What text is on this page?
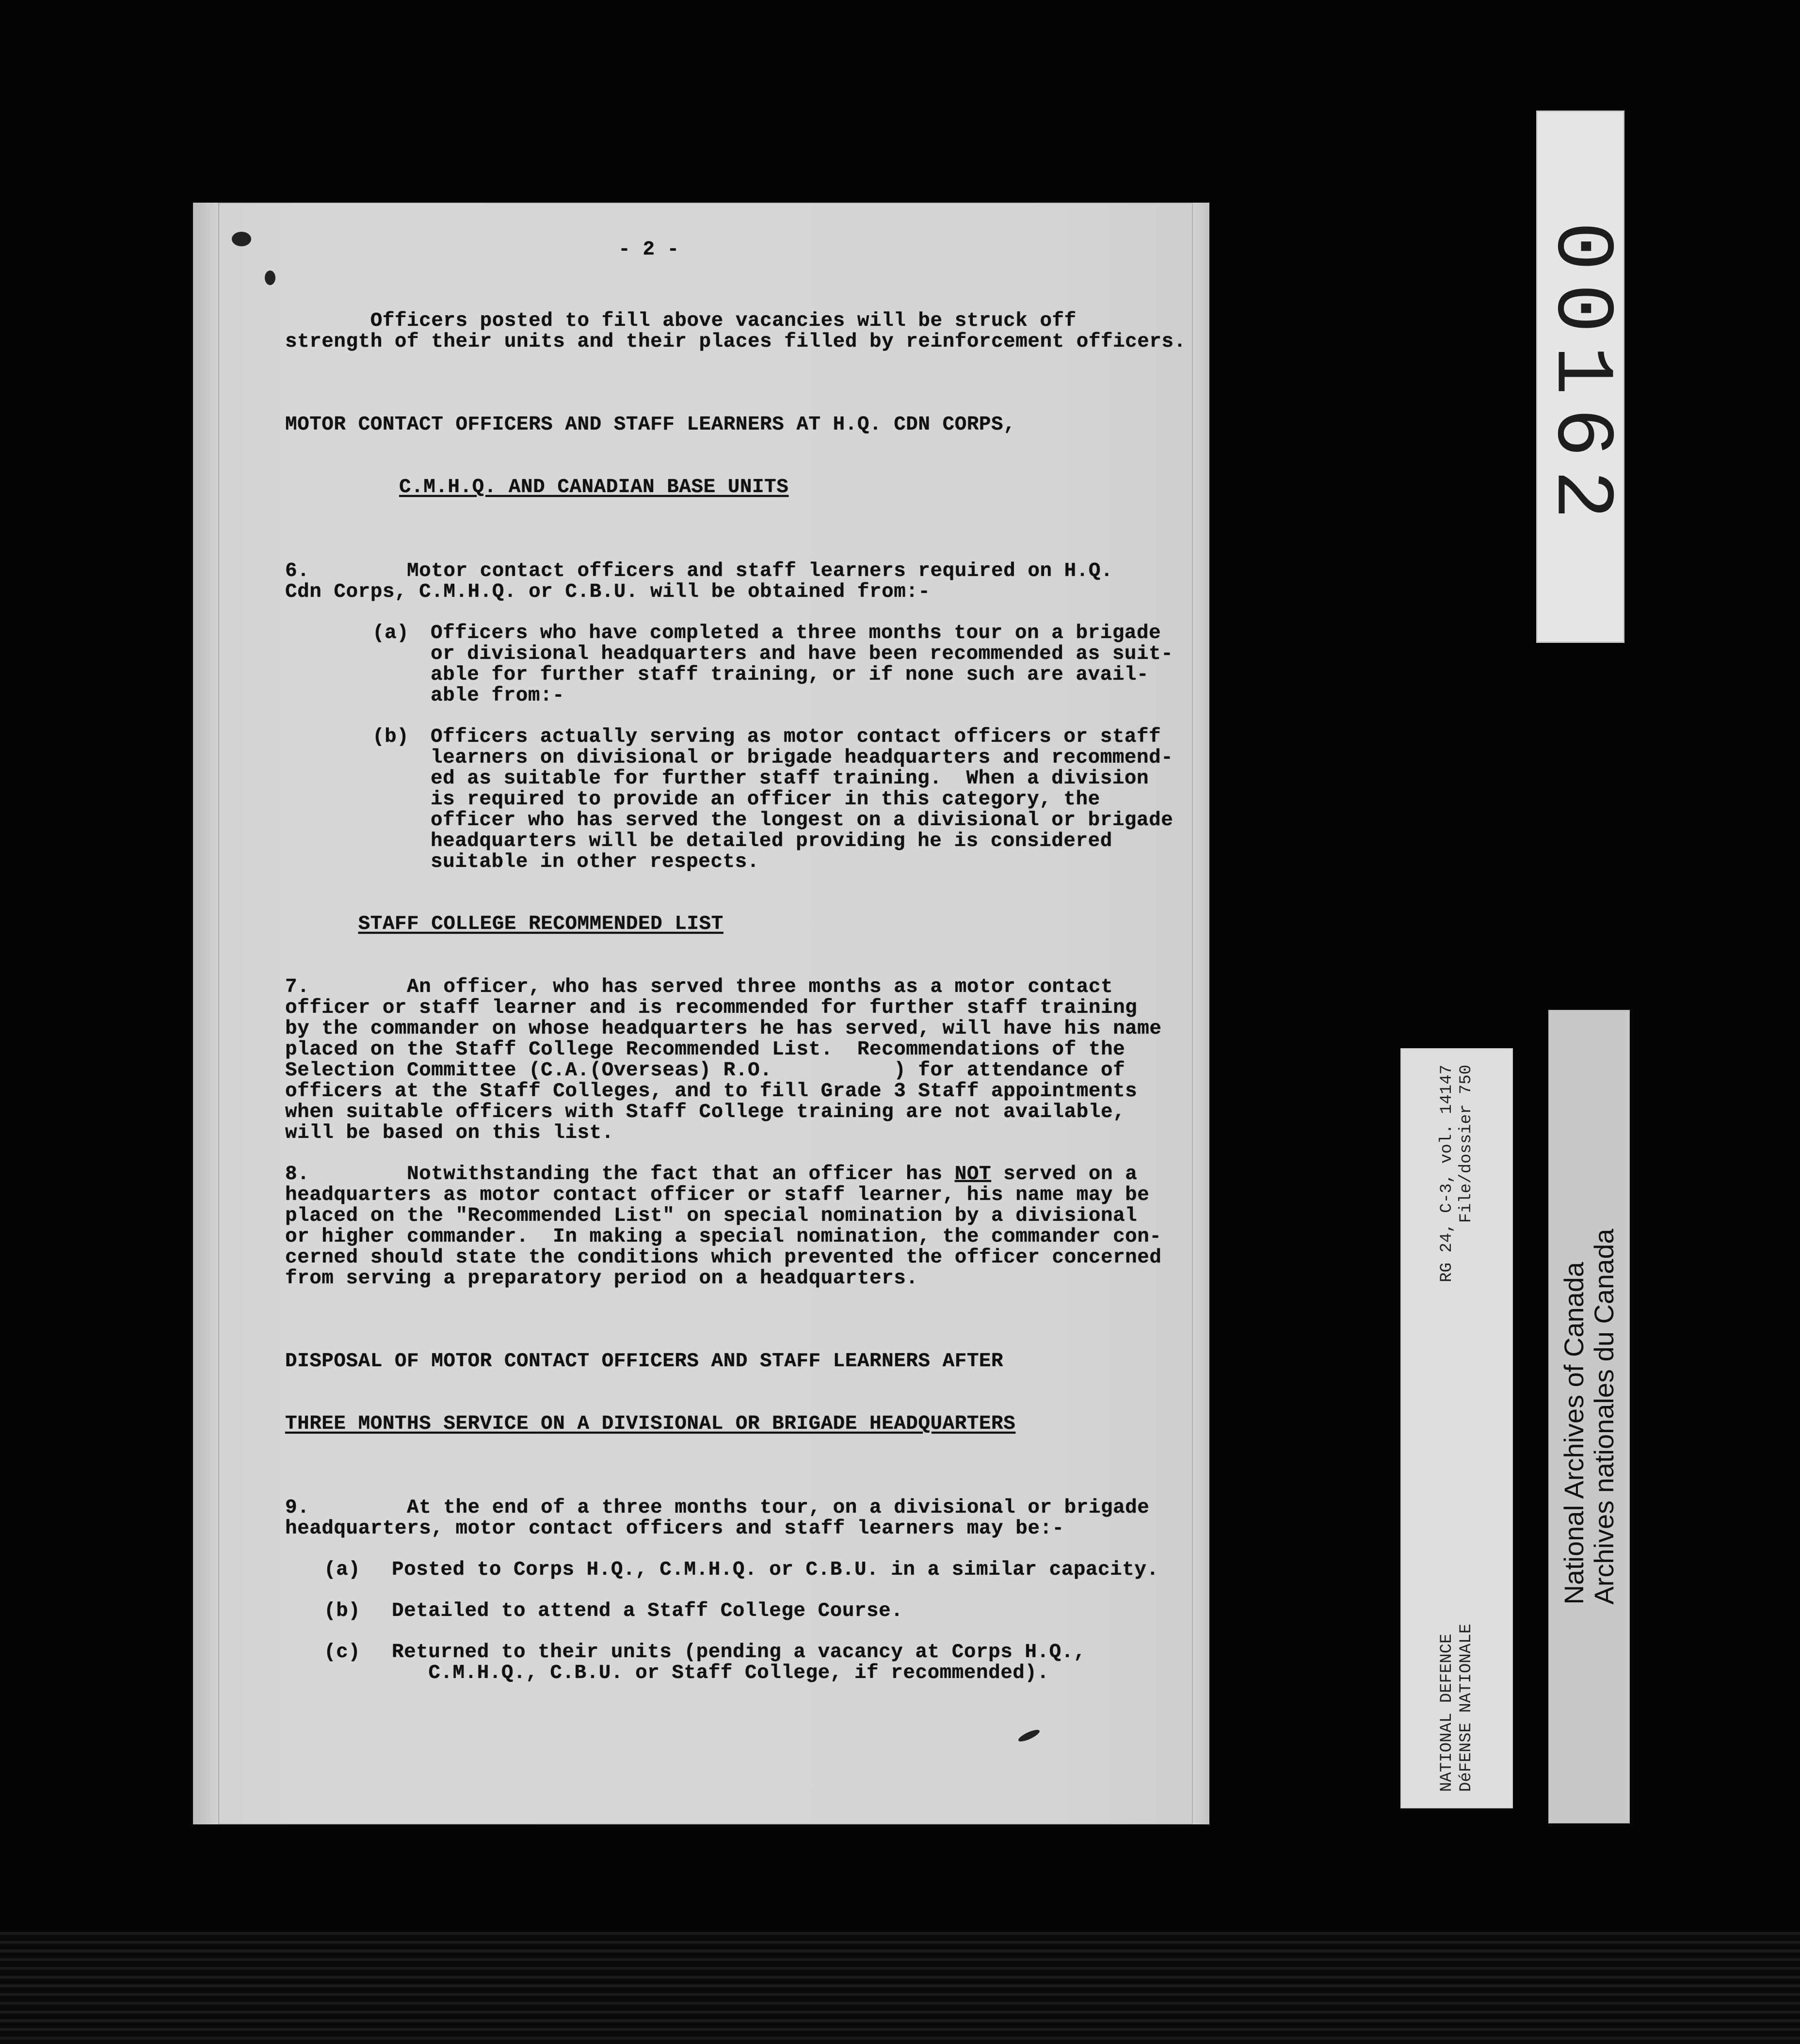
- 2 -
Officers posted to fill above vacancies will be struck off
strength of their units and their places filled by reinforcement officers.

MOTOR CONTACT OFFICERS AND STAFF LEARNERS AT H.Q. CDN CORPS,

C.M.H.Q. AND CANADIAN BASE UNITS

6.        Motor contact officers and staff learners required on H.Q.
Cdn Corps, C.M.H.Q. or C.B.U. will be obtained from:-
(a)	Officers who have completed a three months tour on a brigade
or divisional headquarters and have been recommended as suit-
able for further staff training, or if none such are avail-
able from:-
(b)	Officers actually serving as motor contact officers or staff
learners on divisional or brigade headquarters and recommend-
ed as suitable for further staff training.  When a division
is required to provide an officer in this category, the
officer who has served the longest on a divisional or brigade
headquarters will be detailed providing he is considered
suitable in other respects.

STAFF COLLEGE RECOMMENDED LIST

7.        An officer, who has served three months as a motor contact
officer or staff learner and is recommended for further staff training
by the commander on whose headquarters he has served, will have his name
placed on the Staff College Recommended List.  Recommendations of the
Selection Committee (C.A.(Overseas) R.O.          ) for attendance of
officers at the Staff Colleges, and to fill Grade 3 Staff appointments
when suitable officers with Staff College training are not available,
will be based on this list.
8.        Notwithstanding the fact that an officer has NOT served on a
headquarters as motor contact officer or staff learner, his name may be
placed on the "Recommended List" on special nomination by a divisional
or higher commander.  In making a special nomination, the commander con-
cerned should state the conditions which prevented the officer concerned
from serving a preparatory period on a headquarters.

DISPOSAL OF MOTOR CONTACT OFFICERS AND STAFF LEARNERS AFTER

THREE MONTHS SERVICE ON A DIVISIONAL OR BRIGADE HEADQUARTERS

9.        At the end of a three months tour, on a divisional or brigade
headquarters, motor contact officers and staff learners may be:-
(a)	Posted to Corps H.Q., C.M.H.Q. or C.B.U. in a similar capacity.
(b)	Detailed to attend a Staff College Course.
(c)	Returned to their units (pending a vacancy at Corps H.Q.,
C.M.H.Q., C.B.U. or Staff College, if recommended).
00162
NATIONAL DEFENCE
RG 24, C-3, vol. 14147
DéFENSE NATIONALE
File/dossier 750
National Archives of Canada Archives nationales du Canada
